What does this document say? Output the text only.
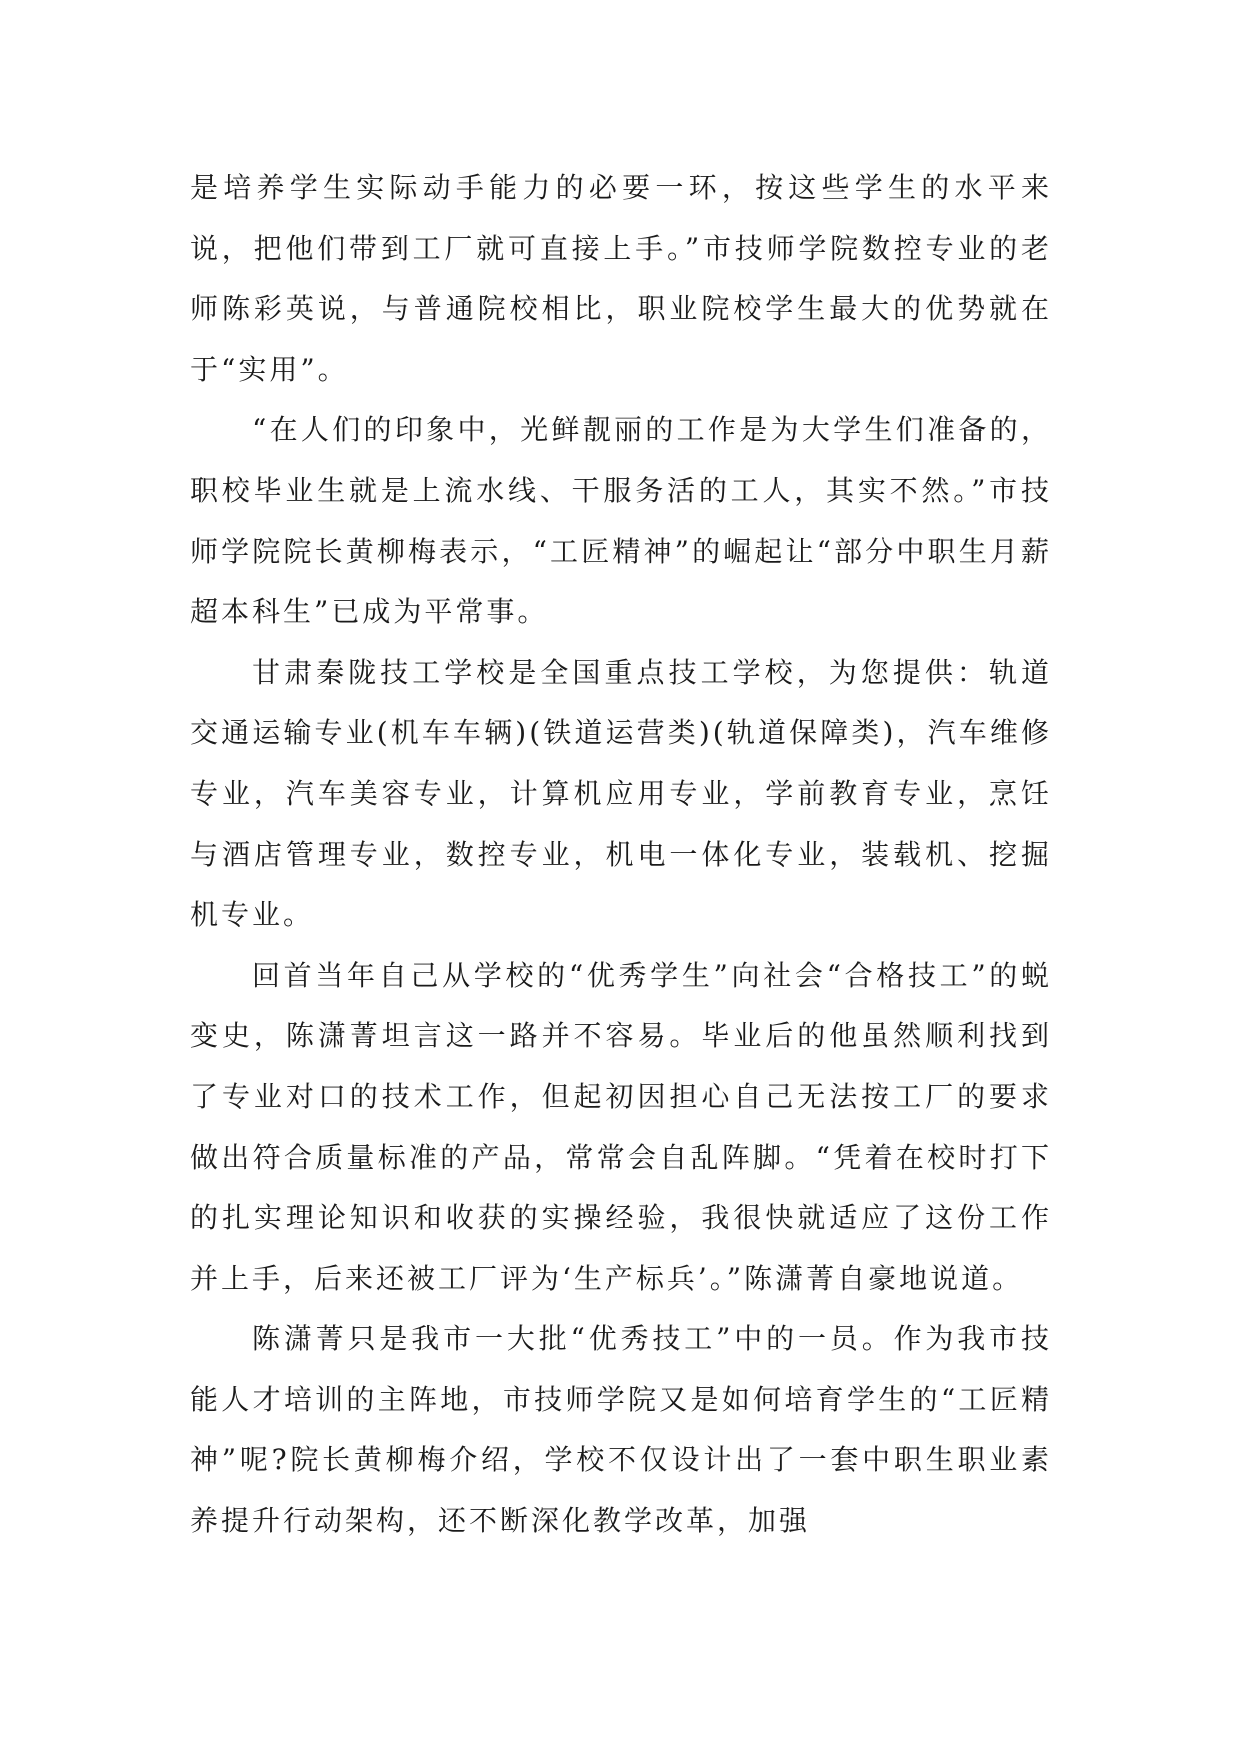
是培养学生实际动手能力的必要一环，按这些学生的水平来说，把他们带到工厂就可直接上手。”市技师学院数控专业的老师陈彩英说，与普通院校相比，职业院校学生最大的优势就在于“实用”。

“在人们的印象中，光鲜靓丽的工作是为大学生们准备的，职校毕业生就是上流水线、干服务活的工人，其实不然。”市技师学院院长黄柳梅表示，“工匠精神”的崛起让“部分中职生月薪超本科生”已成为平常事。

甘肃秦陇技工学校是全国重点技工学校，为您提供：轨道交通运输专业(机车车辆)(铁道运营类)(轨道保障类)，汽车维修专业，汽车美容专业，计算机应用专业，学前教育专业，烹饪与酒店管理专业，数控专业，机电一体化专业，装载机、挖掘机专业。

回首当年自己从学校的“优秀学生”向社会“合格技工”的蜕变史，陈潇菁坦言这一路并不容易。毕业后的他虽然顺利找到了专业对口的技术工作，但起初因担心自己无法按工厂的要求做出符合质量标准的产品，常常会自乱阵脚。“凭着在校时打下的扎实理论知识和收获的实操经验，我很快就适应了这份工作并上手，后来还被工厂评为‘生产标兵’。”陈潇菁自豪地说道。

陈潇菁只是我市一大批“优秀技工”中的一员。作为我市技能人才培训的主阵地，市技师学院又是如何培育学生的“工匠精神”呢?院长黄柳梅介绍，学校不仅设计出了一套中职生职业素养提升行动架构，还不断深化教学改革，加强
